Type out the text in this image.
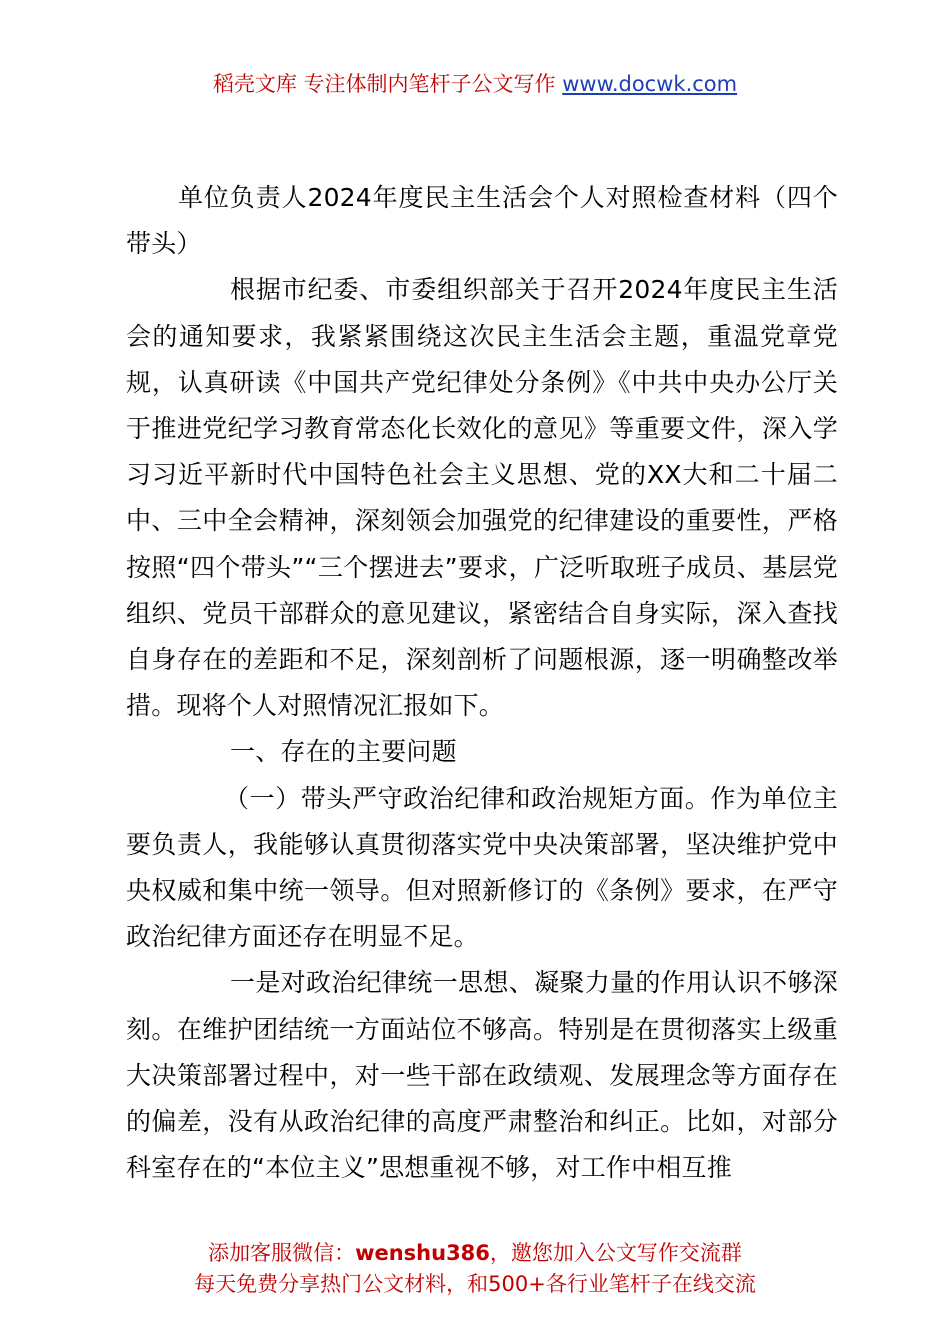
稻壳文库 专注体制内笔杆子公文写作 www.docwk.com

单位负责人2024年度民主生活会个人对照检查材料（四个带头）

根据市纪委、市委组织部关于召开2024年度民主生活会的通知要求，我紧紧围绕这次民主生活会主题，重温党章党规，认真研读《中国共产党纪律处分条例》《中共中央办公厅关于推进党纪学习教育常态化长效化的意见》等重要文件，深入学习习近平新时代中国特色社会主义思想、党的XX大和二十届二中、三中全会精神，深刻领会加强党的纪律建设的重要性，严格按照“四个带头”“三个摆进去”要求，广泛听取班子成员、基层党组织、党员干部群众的意见建议，紧密结合自身实际，深入查找自身存在的差距和不足，深刻剖析了问题根源，逐一明确整改举措。现将个人对照情况汇报如下。

一、存在的主要问题

（一）带头严守政治纪律和政治规矩方面。作为单位主要负责人，我能够认真贯彻落实党中央决策部署，坚决维护党中央权威和集中统一领导。但对照新修订的《条例》要求，在严守政治纪律方面还存在明显不足。

一是对政治纪律统一思想、凝聚力量的作用认识不够深刻。在维护团结统一方面站位不够高。特别是在贯彻落实上级重大决策部署过程中，对一些干部在政绩观、发展理念等方面存在的偏差，没有从政治纪律的高度严肃整治和纠正。比如，对部分科室存在的“本位主义”思想重视不够，对工作中相互推

添加客服微信：wenshu386，邀您加入公文写作交流群
每天免费分享热门公文材料，和500+各行业笔杆子在线交流
